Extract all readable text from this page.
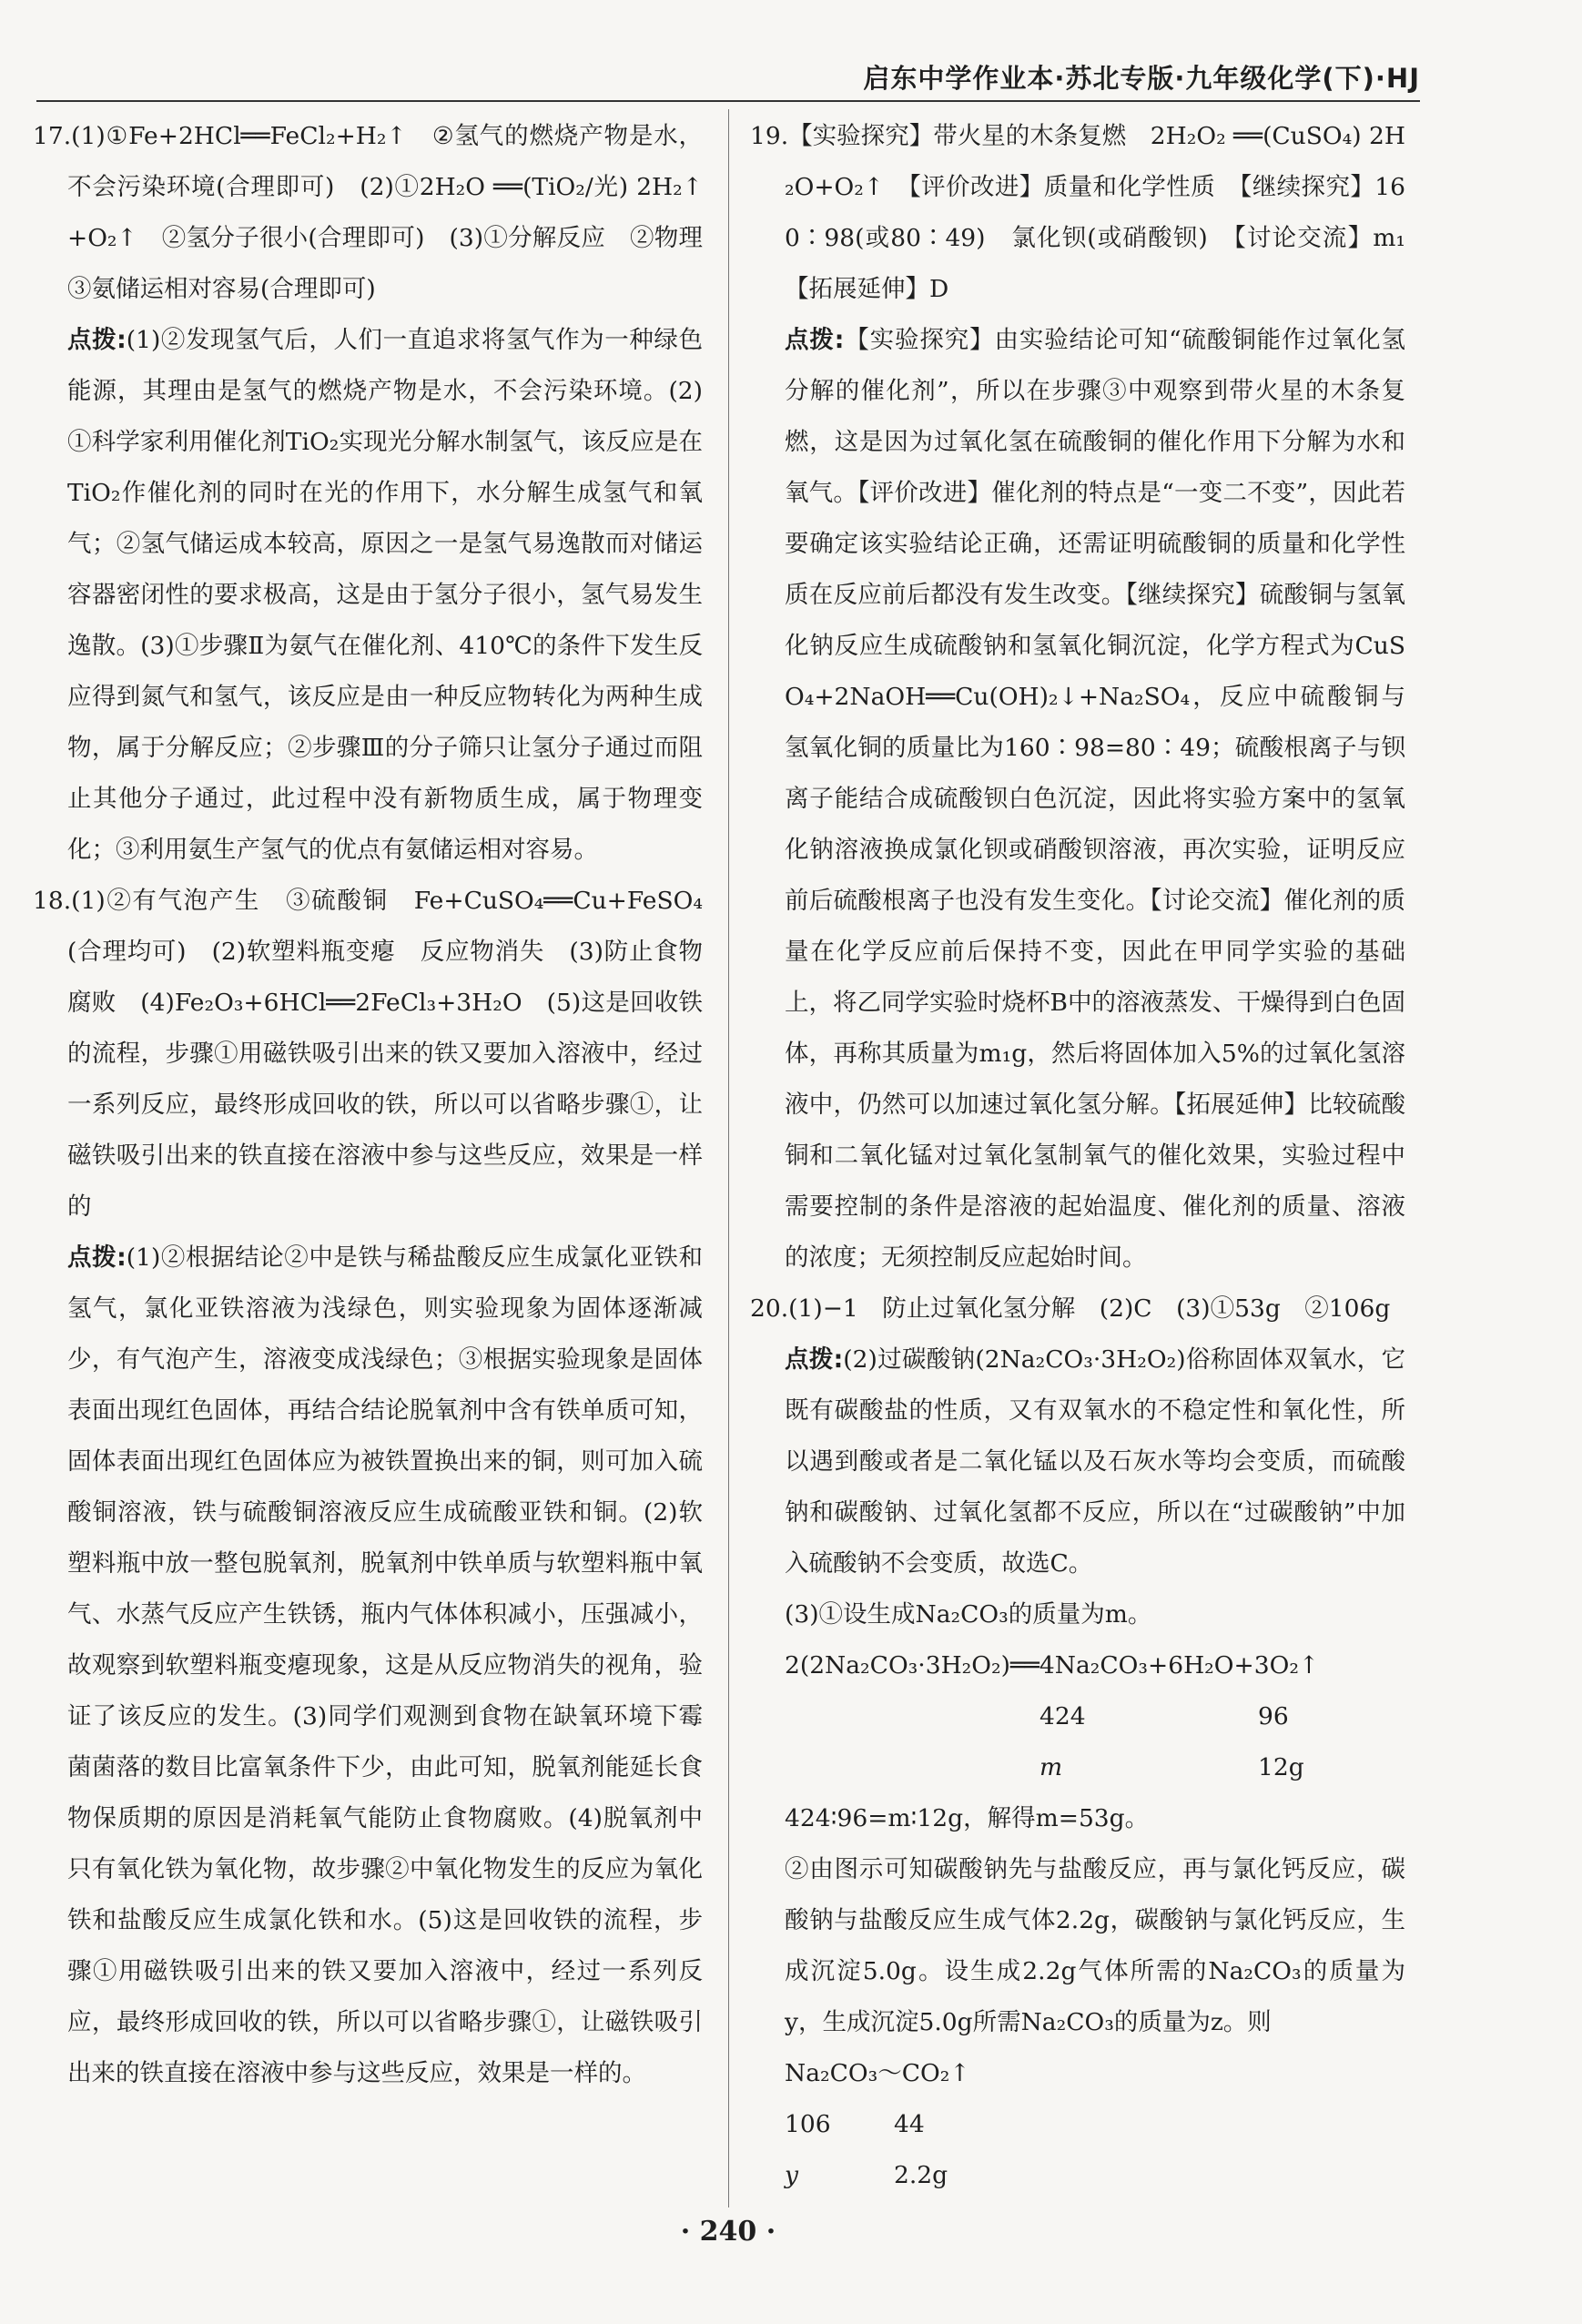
启东中学作业本·苏北专版·九年级化学(下)·HJ
17.(1)①Fe+2HCl══FeCl₂+H₂↑　②氢气的燃烧产物是水，不会污染环境(合理即可)　(2)①2H₂O ══(TiO₂/光) 2H₂↑+O₂↑　②氢分子很小(合理即可)　(3)①分解反应　②物理　③氨储运相对容易(合理即可)

点拨:(1)②发现氢气后，人们一直追求将氢气作为一种绿色能源，其理由是氢气的燃烧产物是水，不会污染环境。(2)①科学家利用催化剂TiO₂实现光分解水制氢气，该反应是在TiO₂作催化剂的同时在光的作用下，水分解生成氢气和氧气；②氢气储运成本较高，原因之一是氢气易逸散而对储运容器密闭性的要求极高，这是由于氢分子很小，氢气易发生逸散。(3)①步骤Ⅱ为氨气在催化剂、410℃的条件下发生反应得到氮气和氢气，该反应是由一种反应物转化为两种生成物，属于分解反应；②步骤Ⅲ的分子筛只让氢分子通过而阻止其他分子通过，此过程中没有新物质生成，属于物理变化；③利用氨生产氢气的优点有氨储运相对容易。

18.(1)②有气泡产生　③硫酸铜　Fe+CuSO₄══Cu+FeSO₄(合理均可)　(2)软塑料瓶变瘪　反应物消失　(3)防止食物腐败　(4)Fe₂O₃+6HCl══2FeCl₃+3H₂O　(5)这是回收铁的流程，步骤①用磁铁吸引出来的铁又要加入溶液中，经过一系列反应，最终形成回收的铁，所以可以省略步骤①，让磁铁吸引出来的铁直接在溶液中参与这些反应，效果是一样的

点拨:(1)②根据结论②中是铁与稀盐酸反应生成氯化亚铁和氢气，氯化亚铁溶液为浅绿色，则实验现象为固体逐渐减少，有气泡产生，溶液变成浅绿色；③根据实验现象是固体表面出现红色固体，再结合结论脱氧剂中含有铁单质可知，固体表面出现红色固体应为被铁置换出来的铜，则可加入硫酸铜溶液，铁与硫酸铜溶液反应生成硫酸亚铁和铜。(2)软塑料瓶中放一整包脱氧剂，脱氧剂中铁单质与软塑料瓶中氧气、水蒸气反应产生铁锈，瓶内气体体积减小，压强减小，故观察到软塑料瓶变瘪现象，这是从反应物消失的视角，验证了该反应的发生。(3)同学们观测到食物在缺氧环境下霉菌菌落的数目比富氧条件下少，由此可知，脱氧剂能延长食物保质期的原因是消耗氧气能防止食物腐败。(4)脱氧剂中只有氧化铁为氧化物，故步骤②中氧化物发生的反应为氧化铁和盐酸反应生成氯化铁和水。(5)这是回收铁的流程，步骤①用磁铁吸引出来的铁又要加入溶液中，经过一系列反应，最终形成回收的铁，所以可以省略步骤①，让磁铁吸引出来的铁直接在溶液中参与这些反应，效果是一样的。

19.【实验探究】带火星的木条复燃　2H₂O₂ ══(CuSO₄) 2H₂O+O₂↑　【评价改进】质量和化学性质　【继续探究】160∶98(或80∶49)　氯化钡(或硝酸钡)　【讨论交流】m₁　【拓展延伸】D

点拨:【实验探究】由实验结论可知“硫酸铜能作过氧化氢分解的催化剂”，所以在步骤③中观察到带火星的木条复燃，这是因为过氧化氢在硫酸铜的催化作用下分解为水和氧气。【评价改进】催化剂的特点是“一变二不变”，因此若要确定该实验结论正确，还需证明硫酸铜的质量和化学性质在反应前后都没有发生改变。【继续探究】硫酸铜与氢氧化钠反应生成硫酸钠和氢氧化铜沉淀，化学方程式为CuSO₄+2NaOH══Cu(OH)₂↓+Na₂SO₄，反应中硫酸铜与氢氧化铜的质量比为160∶98=80∶49；硫酸根离子与钡离子能结合成硫酸钡白色沉淀，因此将实验方案中的氢氧化钠溶液换成氯化钡或硝酸钡溶液，再次实验，证明反应前后硫酸根离子也没有发生变化。【讨论交流】催化剂的质量在化学反应前后保持不变，因此在甲同学实验的基础上，将乙同学实验时烧杯B中的溶液蒸发、干燥得到白色固体，再称其质量为m₁g，然后将固体加入5%的过氧化氢溶液中，仍然可以加速过氧化氢分解。【拓展延伸】比较硫酸铜和二氧化锰对过氧化氢制氧气的催化效果，实验过程中需要控制的条件是溶液的起始温度、催化剂的质量、溶液的浓度；无须控制反应起始时间。

20.(1)−1　防止过氧化氢分解　(2)C　(3)①53g　②106g

点拨:(2)过碳酸钠(2Na₂CO₃·3H₂O₂)俗称固体双氧水，它既有碳酸盐的性质，又有双氧水的不稳定性和氧化性，所以遇到酸或者是二氧化锰以及石灰水等均会变质，而硫酸钠和碳酸钠、过氧化氢都不反应，所以在“过碳酸钠”中加入硫酸钠不会变质，故选C。

(3)①设生成Na₂CO₃的质量为m。

2(2Na₂CO₃·3H₂O₂)══4Na₂CO₃+6H₂O+3O₂↑

424	96

m	12g

424∶96=m∶12g，解得m=53g。

②由图示可知碳酸钠先与盐酸反应，再与氯化钙反应，碳酸钠与盐酸反应生成气体2.2g，碳酸钠与氯化钙反应，生成沉淀5.0g。设生成2.2g气体所需的Na₂CO₃的质量为y，生成沉淀5.0g所需Na₂CO₃的质量为z。则

Na₂CO₃～CO₂↑

106	44

y	2.2g

· 240 ·
